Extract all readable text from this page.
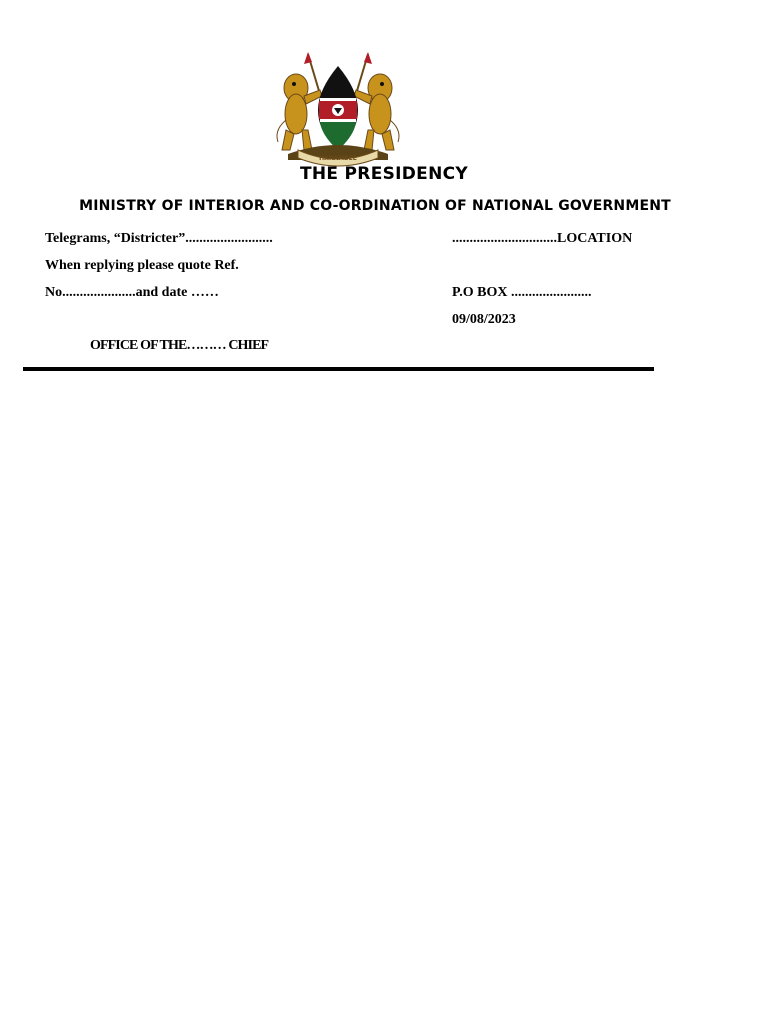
HARAMBEE
THE PRESIDENCY
MINISTRY OF INTERIOR AND CO-ORDINATION OF NATIONAL GOVERNMENT
Telegrams, “Districter”.........................	..............................LOCATION
When replying please quote Ref.
No.....................and date ……	P.O BOX .......................
09/08/2023
OFFICE OF THE……… CHIEF
